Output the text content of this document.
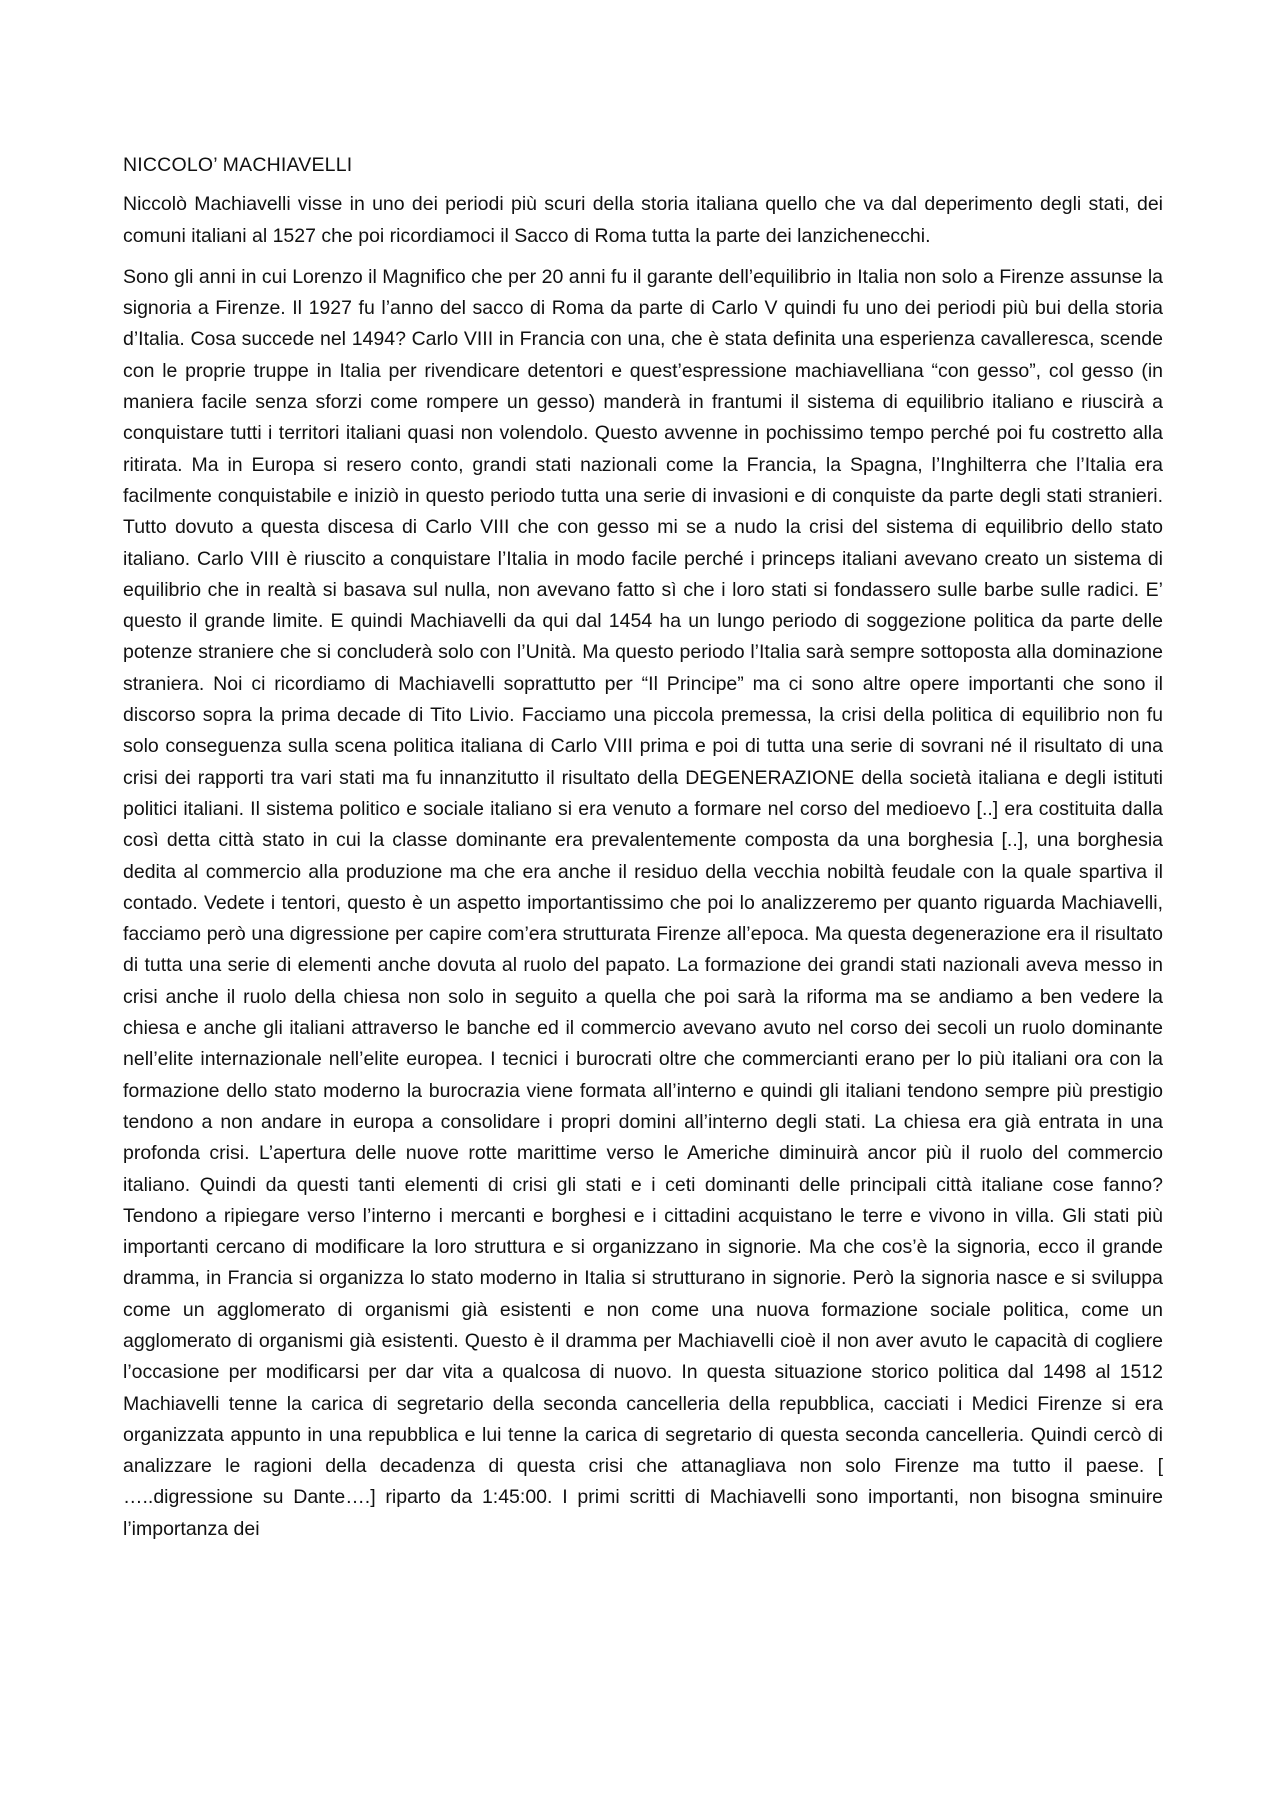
NICCOLO’ MACHIAVELLI

Niccolò Machiavelli visse in uno dei periodi più scuri della storia italiana quello che va dal deperimento degli stati, dei comuni italiani al 1527 che poi ricordiamoci il Sacco di Roma tutta la parte dei lanzichenecchi.

Sono gli anni in cui Lorenzo il Magnifico che per 20 anni fu il garante dell’equilibrio in Italia non solo a Firenze assunse la signoria a Firenze. Il 1927 fu l’anno del sacco di Roma da parte di Carlo V quindi fu uno dei periodi più bui della storia d’Italia. Cosa succede nel 1494? Carlo VIII in Francia con una, che è stata definita una esperienza cavalleresca, scende con le proprie truppe in Italia per rivendicare detentori e quest’espressione machiavelliana “con gesso”, col gesso (in maniera facile senza sforzi come rompere un gesso) manderà in frantumi il sistema di equilibrio italiano e riuscirà a conquistare tutti i territori italiani quasi non volendolo. Questo avvenne in pochissimo tempo perché poi fu costretto alla ritirata. Ma in Europa si resero conto, grandi stati nazionali come la Francia, la Spagna, l’Inghilterra che l’Italia era facilmente conquistabile e iniziò in questo periodo tutta una serie di invasioni e di conquiste da parte degli stati stranieri. Tutto dovuto a questa discesa di Carlo VIII che con gesso mi se a nudo la crisi del sistema di equilibrio dello stato italiano. Carlo VIII è riuscito a conquistare l’Italia in modo facile perché i princeps italiani avevano creato un sistema di equilibrio che in realtà si basava sul nulla, non avevano fatto sì che i loro stati si fondassero sulle barbe sulle radici. E’ questo il grande limite. E quindi Machiavelli da qui dal 1454 ha un lungo periodo di soggezione politica da parte delle potenze straniere che si concluderà solo con l’Unità. Ma questo periodo l’Italia sarà sempre sottoposta alla dominazione straniera. Noi ci ricordiamo di Machiavelli soprattutto per “Il Principe” ma ci sono altre opere importanti che sono il discorso sopra la prima decade di Tito Livio. Facciamo una piccola premessa, la crisi della politica di equilibrio non fu solo conseguenza sulla scena politica italiana di Carlo VIII prima e poi di tutta una serie di sovrani né il risultato di una crisi dei rapporti tra vari stati ma fu innanzitutto il risultato della DEGENERAZIONE della società italiana e degli istituti politici italiani. Il sistema politico e sociale italiano si era venuto a formare nel corso del medioevo [..] era costituita dalla così detta città stato in cui la classe dominante era prevalentemente composta da una borghesia [..], una borghesia dedita al commercio alla produzione ma che era anche il residuo della vecchia nobiltà feudale con la quale spartiva il contado. Vedete i tentori, questo è un aspetto importantissimo che poi lo analizzeremo per quanto riguarda Machiavelli, facciamo però una digressione per capire com’era strutturata Firenze all’epoca. Ma questa degenerazione era il risultato di tutta una serie di elementi anche dovuta al ruolo del papato. La formazione dei grandi stati nazionali aveva messo in crisi anche il ruolo della chiesa non solo in seguito a quella che poi sarà la riforma ma se andiamo a ben vedere la chiesa e anche gli italiani attraverso le banche ed il commercio avevano avuto nel corso dei secoli un ruolo dominante nell’elite internazionale nell’elite europea. I tecnici i burocrati oltre che commercianti erano per lo più italiani ora con la formazione dello stato moderno la burocrazia viene formata all’interno e quindi gli italiani tendono sempre più prestigio tendono a non andare in europa a consolidare i propri domini all’interno degli stati. La chiesa era già entrata in una profonda crisi. L’apertura delle nuove rotte marittime verso le Americhe diminuirà ancor più il ruolo del commercio italiano. Quindi da questi tanti elementi di crisi gli stati e i ceti dominanti delle principali città italiane cose fanno? Tendono a ripiegare verso l’interno i mercanti e borghesi e i cittadini acquistano le terre e vivono in villa. Gli stati più importanti cercano di modificare la loro struttura e si organizzano in signorie. Ma che cos’è la signoria, ecco il grande dramma, in Francia si organizza lo stato moderno in Italia si strutturano in signorie. Però la signoria nasce e si sviluppa come un agglomerato di organismi già esistenti e non come una nuova formazione sociale politica, come un agglomerato di organismi già esistenti. Questo è il dramma per Machiavelli cioè il non aver avuto le capacità di cogliere l’occasione per modificarsi per dar vita a qualcosa di nuovo. In questa situazione storico politica dal 1498 al 1512 Machiavelli tenne la carica di segretario della seconda cancelleria della repubblica, cacciati i Medici Firenze si era organizzata appunto in una repubblica e lui tenne la carica di segretario di questa seconda cancelleria. Quindi cercò di analizzare le ragioni della decadenza di questa crisi che attanagliava non solo Firenze ma tutto il paese. [ …..digressione su Dante….] riparto da 1:45:00. I primi scritti di Machiavelli sono importanti, non bisogna sminuire l’importanza dei
